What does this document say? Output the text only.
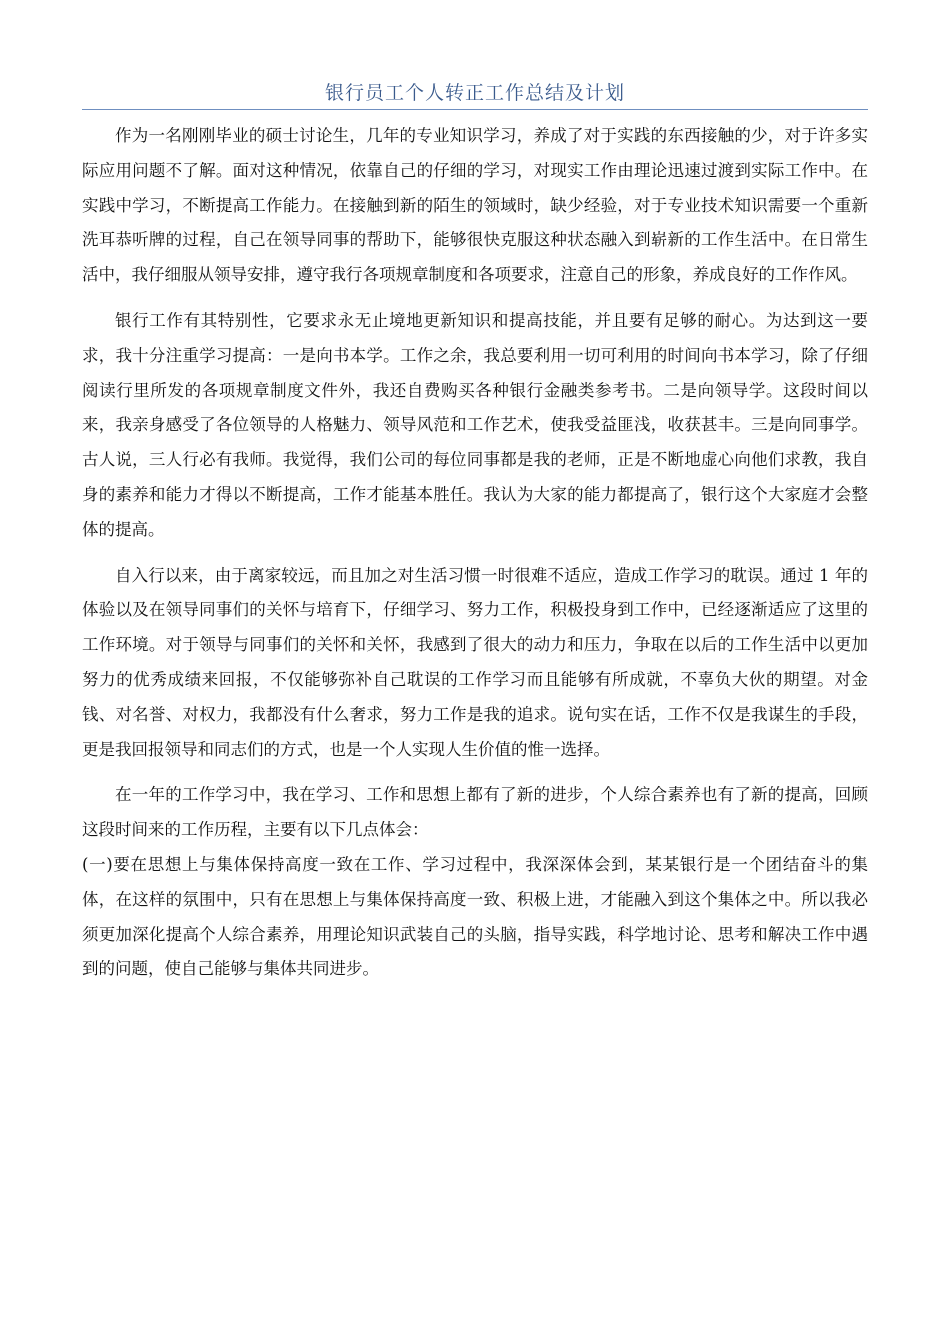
银行员工个人转正工作总结及计划

作为一名刚刚毕业的硕士讨论生，几年的专业知识学习，养成了对于实践的东西接触的少，对于许多实际应用问题不了解。面对这种情况，依靠自己的仔细的学习，对现实工作由理论迅速过渡到实际工作中。在实践中学习，不断提高工作能力。在接触到新的陌生的领域时，缺少经验，对于专业技术知识需要一个重新洗耳恭听牌的过程，自己在领导同事的帮助下，能够很快克服这种状态融入到崭新的工作生活中。在日常生活中，我仔细服从领导安排，遵守我行各项规章制度和各项要求，注意自己的形象，养成良好的工作作风。

银行工作有其特别性，它要求永无止境地更新知识和提高技能，并且要有足够的耐心。为达到这一要求，我十分注重学习提高：一是向书本学。工作之余，我总要利用一切可利用的时间向书本学习，除了仔细阅读行里所发的各项规章制度文件外，我还自费购买各种银行金融类参考书。二是向领导学。这段时间以来，我亲身感受了各位领导的人格魅力、领导风范和工作艺术，使我受益匪浅，收获甚丰。三是向同事学。古人说，三人行必有我师。我觉得，我们公司的每位同事都是我的老师，正是不断地虚心向他们求教，我自身的素养和能力才得以不断提高，工作才能基本胜任。我认为大家的能力都提高了，银行这个大家庭才会整体的提高。

自入行以来，由于离家较远，而且加之对生活习惯一时很难不适应，造成工作学习的耽误。通过 1 年的体验以及在领导同事们的关怀与培育下，仔细学习、努力工作，积极投身到工作中，已经逐渐适应了这里的工作环境。对于领导与同事们的关怀和关怀，我感到了很大的动力和压力，争取在以后的工作生活中以更加努力的优秀成绩来回报，不仅能够弥补自己耽误的工作学习而且能够有所成就，不辜负大伙的期望。对金钱、对名誉、对权力，我都没有什么奢求，努力工作是我的追求。说句实在话，工作不仅是我谋生的手段，更是我回报领导和同志们的方式，也是一个人实现人生价值的惟一选择。

在一年的工作学习中，我在学习、工作和思想上都有了新的进步，个人综合素养也有了新的提高，回顾这段时间来的工作历程，主要有以下几点体会：

(一)要在思想上与集体保持高度一致在工作、学习过程中，我深深体会到，某某银行是一个团结奋斗的集体，在这样的氛围中，只有在思想上与集体保持高度一致、积极上进，才能融入到这个集体之中。所以我必须更加深化提高个人综合素养，用理论知识武装自己的头脑，指导实践，科学地讨论、思考和解决工作中遇到的问题，使自己能够与集体共同进步。
